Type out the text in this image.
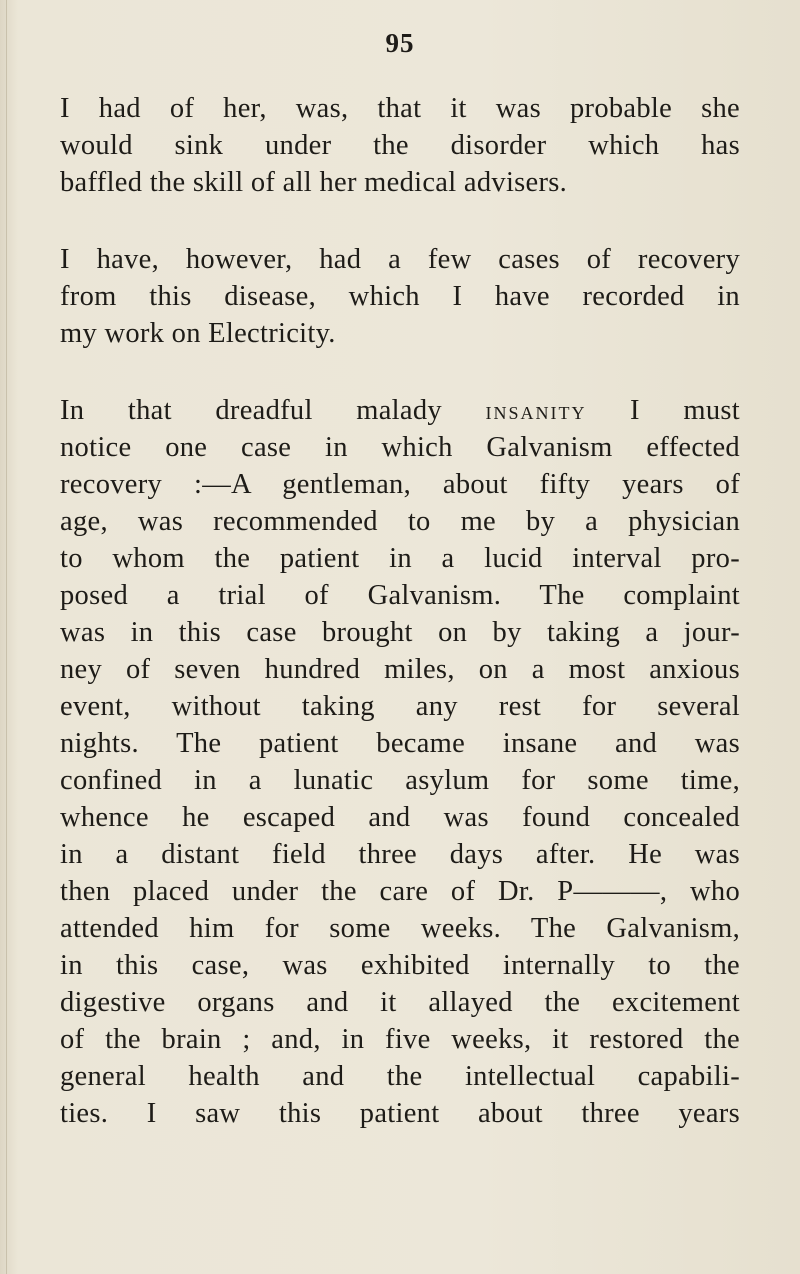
95
I had of her, was, that it was probable she
would sink under the disorder which has
baffled the skill of all her medical advisers.
I have, however, had a few cases of recovery
from this disease, which I have recorded in
my work on Electricity.
In that dreadful malady insanity I must
notice one case in which Galvanism effected
recovery :—A gentleman, about fifty years of
age, was recommended to me by a physician
to whom the patient in a lucid interval pro-
posed a trial of Galvanism. The complaint
was in this case brought on by taking a jour-
ney of seven hundred miles, on a most anxious
event, without taking any rest for several
nights. The patient became insane and was
confined in a lunatic asylum for some time,
whence he escaped and was found concealed
in a distant field three days after. He was
then placed under the care of Dr. P———, who
attended him for some weeks. The Galvanism,
in this case, was exhibited internally to the
digestive organs and it allayed the excitement
of the brain ; and, in five weeks, it restored the
general health and the intellectual capabili-
ties. I saw this patient about three years
